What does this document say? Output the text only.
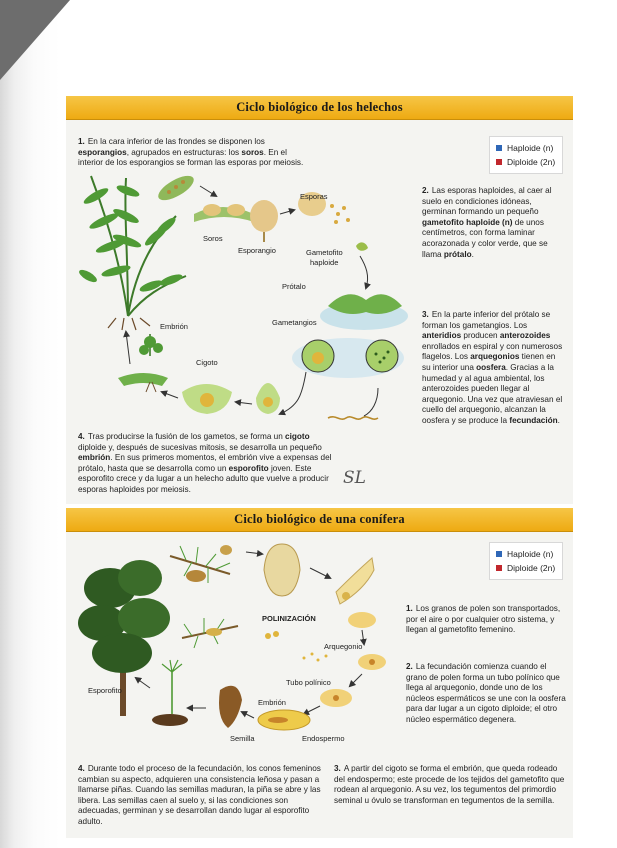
Ciclo biológico de los helechos
Haploide (n)
Diploide (2n)
1. En la cara inferior de las frondes se disponen los esporangios, agrupados en estructuras: los soros. En el interior de los esporangios se forman las esporas por meiosis.
2. Las esporas haploides, al caer al suelo en condiciones idóneas, germinan formando un pequeño gametofito haploide (n) de unos centímetros, con forma laminar acorazonada y color verde, que se llama prótalo.
3. En la parte inferior del prótalo se forman los gametangios. Los anteridios producen anterozoides enrollados en espiral y con numerosos flagelos. Los arquegonios tienen en su interior una oosfera. Gracias a la humedad y al agua ambiental, los anterozoides pueden llegar al arquegonio. Una vez que atraviesan el cuello del arquegonio, alcanzan la oosfera y se produce la fecundación.
4. Tras producirse la fusión de los gametos, se forma un cigoto diploide y, después de sucesivas mitosis, se desarrolla un pequeño embrión. En sus primeros momentos, el embrión vive a expensas del prótalo, hasta que se desarrolla como un esporofito joven. Este esporofito crece y da lugar a un helecho adulto que vuelve a producir esporas haploides por meiosis.
Soros
Esporangio
Esporas
Gametofito
haploide
Prótalo
Gametangios
Embrión
Cigoto
SL
Ciclo biológico de una conífera
Haploide (n)
Diploide (2n)
1. Los granos de polen son transportados, por el aire o por cualquier otro sistema, y llegan al gametofito femenino.
2. La fecundación comienza cuando el grano de polen forma un tubo polínico que llega al arquegonio, donde uno de los núcleos espermáticos se une con la oosfera para dar lugar a un cigoto diploide; el otro núcleo espermático degenera.
3. A partir del cigoto se forma el embrión, que queda rodeado del endospermo; este procede de los tejidos del gametofito que rodean al arquegonio. A su vez, los tegumentos del primordio seminal u óvulo se transforman en tegumentos de la semilla.
4. Durante todo el proceso de la fecundación, los conos femeninos cambian su aspecto, adquieren una consistencia leñosa y pasan a llamarse piñas. Cuando las semillas maduran, la piña se abre y las libera. Las semillas caen al suelo y, si las condiciones son adecuadas, germinan y se desarrollan dando lugar al esporofito adulto.
POLINIZACIÓN
Arquegonio
Tubo polínico
Embrión
Esporofito
Semilla	Endospermo
